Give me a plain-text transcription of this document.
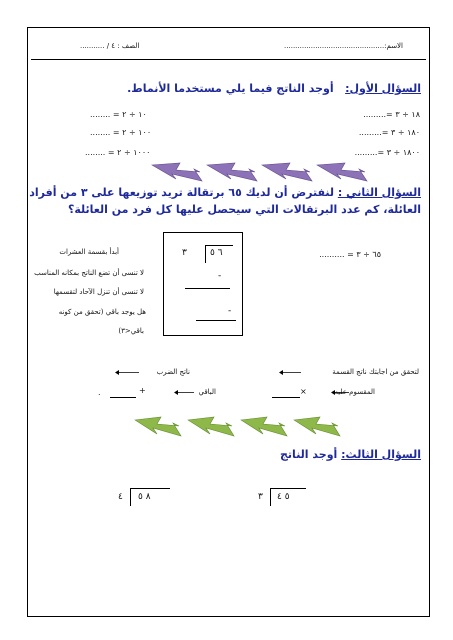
الاسم:.............................................
الصف : ٤ / ...........
السؤال الأول:   أوجد الناتج فيما يلي مستخدما الأنماط.
١٨ ÷ ٣ =.........
١٨٠ ÷ ٣ =.........
١٨٠٠ ÷ ٣ =.........
١٠ ÷ ٢ = ........
١٠٠ ÷ ٢ = ........
١٠٠٠ ÷ ٢ = ........
السؤال الثاني : لنفترض أن لديك ٦٥ برتقالة تريد توزيعها على ٣ من أفراد
العائلة، كم عدد البرتقالات التي سيحصل عليها كل فرد من العائلة؟
٦٥ ÷ ٣ = ..........
٦ ٥
٣
-
-
أبدأ بقسمة العشرات
لا تنسى أن تضع الناتج بمكانه المناسب
لا تنسى أن تنزل الآحاد لتقسمها
هل يوجد باقي (تحقق من كونه
باقي<٣)
لتحقق من اجابتك ناتج القسمة
ناتج الضرب
المقسوم عليه
×
الباقي
+
.
السؤال الثالث: أوجد الناتج
٣ ٥ ٤
٤ ٨ ٥
